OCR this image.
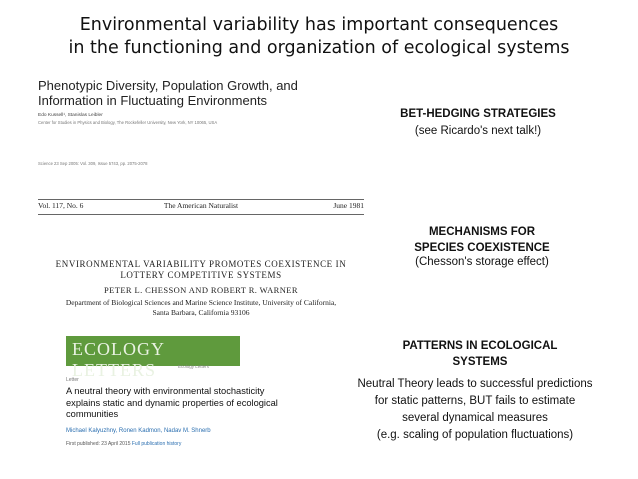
Environmental variability has important consequences
in the functioning and organization of ecological systems
Phenotypic Diversity, Population Growth, and
Information in Fluctuating Environments
Edo Kussell¹, Stanislas Leibler
Center for Studies in Physics and Biology, The Rockefeller University, New York, NY 10065, USA
Science 23 Sep 2005: Vol. 309, Issue 5743, pp. 2075-2078
Vol. 117, No. 6	The American Naturalist	June 1981
ENVIRONMENTAL VARIABILITY PROMOTES COEXISTENCE IN
LOTTERY COMPETITIVE SYSTEMS
PETER L. CHESSON AND ROBERT R. WARNER
Department of Biological Sciences and Marine Science Institute, University of California,
Santa Barbara, California 93106
ECOLOGY LETTERS	Ecology Letters
Letter
A neutral theory with environmental stochasticity
explains static and dynamic properties of ecological
communities
Michael Kalyuzhny, Ronen Kadmon, Nadav M. Shnerb
First published: 23 April 2015 Full publication history
BET-HEDGING STRATEGIES
(see Ricardo's next talk!)
MECHANISMS FOR
SPECIES COEXISTENCE
(Chesson's storage effect)
PATTERNS IN ECOLOGICAL
SYSTEMS
Neutral Theory leads to successful predictions
for static patterns, BUT fails to estimate
several dynamical measures
(e.g. scaling of population fluctuations)
